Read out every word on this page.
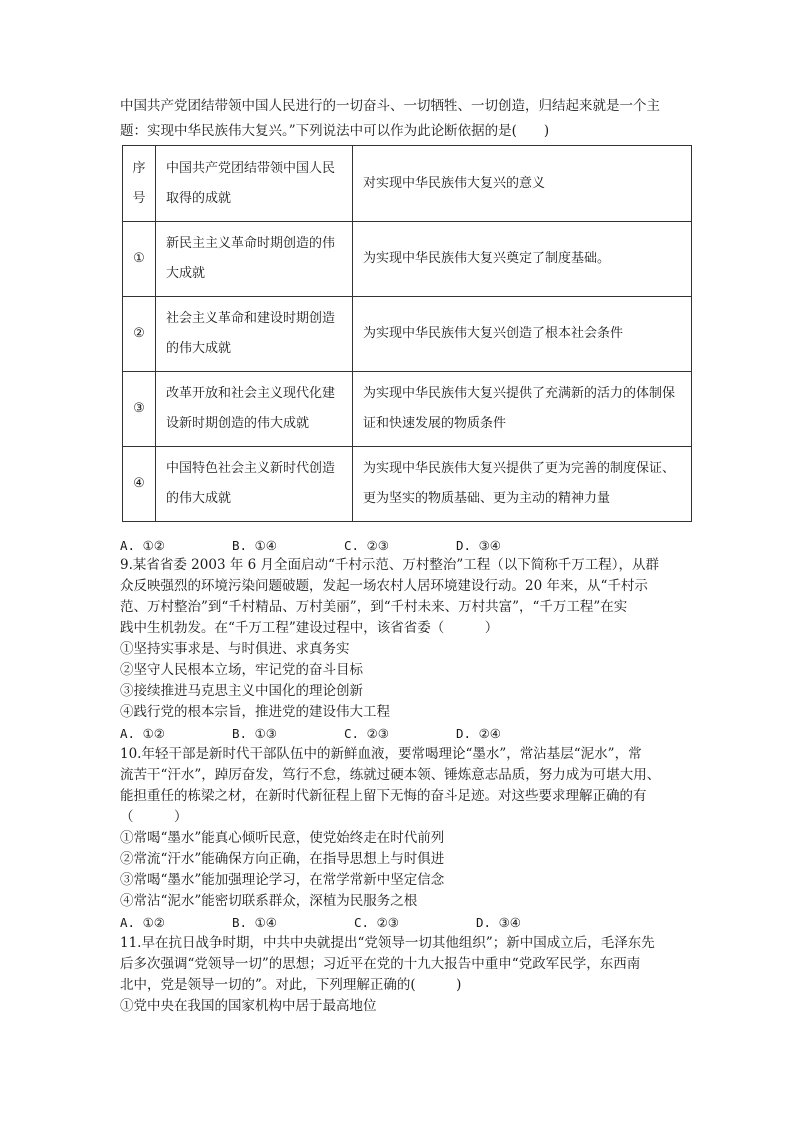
中国共产党团结带领中国人民进行的一切奋斗、一切牺牲、一切创造，归结起来就是一个主

题：实现中华民族伟大复兴。”下列说法中可以作为此论断依据的是(　　)

序号	中国共产党团结带领中国人民取得的成就	对实现中华民族伟大复兴的意义
①	新民主主义革命时期创造的伟大成就	为实现中华民族伟大复兴奠定了制度基础。
②	社会主义革命和建设时期创造的伟大成就	为实现中华民族伟大复兴创造了根本社会条件
③	改革开放和社会主义现代化建设新时期创造的伟大成就	为实现中华民族伟大复兴提供了充满新的活力的体制保证和快速发展的物质条件
④	中国特色社会主义新时代创造的伟大成就	为实现中华民族伟大复兴提供了更为完善的制度保证、更为坚实的物质基础、更为主动的精神力量
A. ①②	B. ①④	C. ②③	D. ③④

9.某省省委 2003 年 6 月全面启动“千村示范、万村整治”工程（以下简称千万工程），从群

众反映强烈的环境污染问题破题，发起一场农村人居环境建设行动。20 年来，从“千村示

范、万村整治”到“千村精品、万村美丽”，到“千村未来、万村共富”，“千万工程”在实

践中生机勃发。在“千万工程”建设过程中，该省省委（　　　）

①坚持实事求是、与时俱进、求真务实

②坚守人民根本立场，牢记党的奋斗目标

③接续推进马克思主义中国化的理论创新

④践行党的根本宗旨，推进党的建设伟大工程

A. ①②	B. ①③	C. ②③	D. ②④

10.年轻干部是新时代干部队伍中的新鲜血液，要常喝理论“墨水”，常沾基层“泥水”，常

流苦干“汗水”，踔厉奋发，笃行不怠，练就过硬本领、锤炼意志品质，努力成为可堪大用、

能担重任的栋梁之材，在新时代新征程上留下无悔的奋斗足迹。对这些要求理解正确的有

（　　　）

①常喝“墨水”能真心倾听民意，使党始终走在时代前列

②常流“汗水”能确保方向正确，在指导思想上与时俱进

③常喝“墨水”能加强理论学习，在常学常新中坚定信念

④常沾“泥水”能密切联系群众，深植为民服务之根

A. ①②	B. ①④	C. ②③	D. ③④

11.早在抗日战争时期，中共中央就提出“党领导一切其他组织”；新中国成立后，毛泽东先

后多次强调“党领导一切”的思想；习近平在党的十九大报告中重申“党政军民学，东西南

北中，党是领导一切的”。对此，下列理解正确的(　　　)

①党中央在我国的国家机构中居于最高地位
